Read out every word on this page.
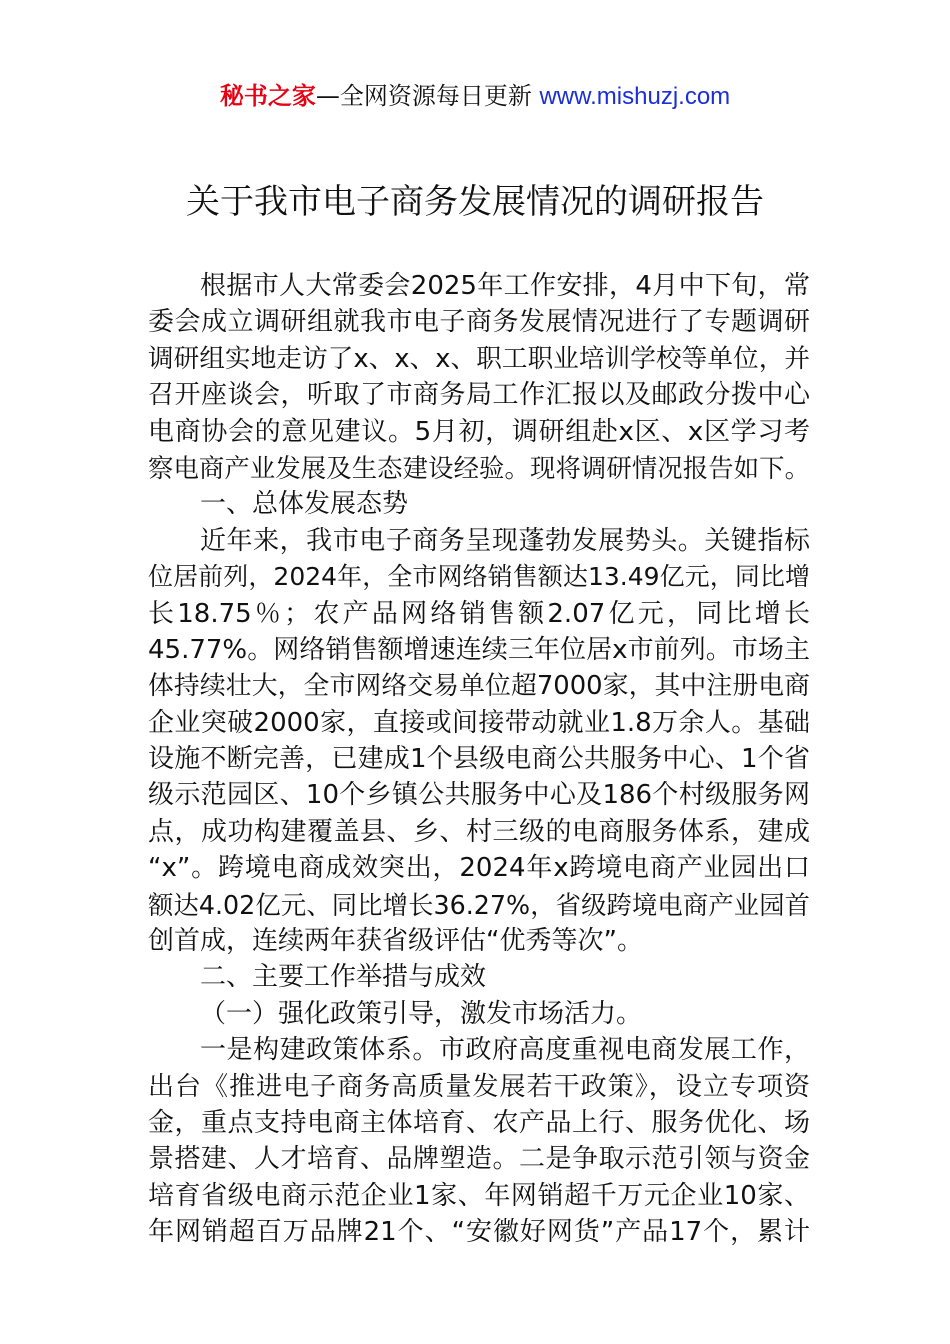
秘书之家—全网资源每日更新 www.mishuzj.com
关于我市电子商务发展情况的调研报告
根据市人大常委会2025年工作安排，4月中下旬，常
委会成立调研组就我市电子商务发展情况进行了专题调研
调研组实地走访了x、x、x、职工职业培训学校等单位，并
召开座谈会，听取了市商务局工作汇报以及邮政分拨中心
电商协会的意见建议。5月初，调研组赴x区、x区学习考
察电商产业发展及生态建设经验。现将调研情况报告如下。
一、总体发展态势
近年来，我市电子商务呈现蓬勃发展势头。关键指标
位居前列，2024年，全市网络销售额达13.49亿元，同比增
长18.75％；农产品网络销售额2.07亿元，同比增长
45.77%。网络销售额增速连续三年位居x市前列。市场主
体持续壮大，全市网络交易单位超7000家，其中注册电商
企业突破2000家，直接或间接带动就业1.8万余人。基础
设施不断完善，已建成1个县级电商公共服务中心、1个省
级示范园区、10个乡镇公共服务中心及186个村级服务网
点，成功构建覆盖县、乡、村三级的电商服务体系，建成
“x”。跨境电商成效突出，2024年x跨境电商产业园出口
额达4.02亿元、同比增长36.27%，省级跨境电商产业园首
创首成，连续两年获省级评估“优秀等次”。
二、主要工作举措与成效
（一）强化政策引导，激发市场活力。
一是构建政策体系。市政府高度重视电商发展工作，
出台《推进电子商务高质量发展若干政策》，设立专项资
金，重点支持电商主体培育、农产品上行、服务优化、场
景搭建、人才培育、品牌塑造。二是争取示范引领与资金
培育省级电商示范企业1家、年网销超千万元企业10家、
年网销超百万品牌21个、“安徽好网货”产品17个，累计
